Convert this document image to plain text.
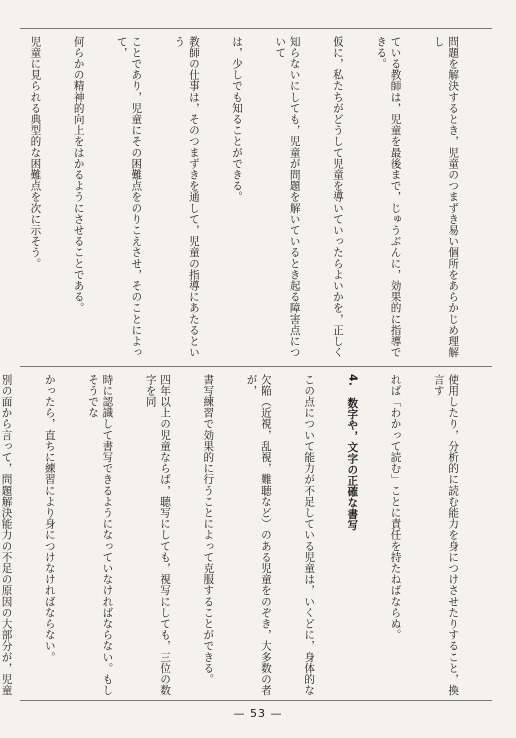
問題を解決するとき，児童のつまずき易い個所をあらかじめ理解し

ている教師は，児童を最後まで，じゅうぶんに，効果的に指導できる。

仮に，私たちがどうして児童を導いていったらよいかを，正しく

知らないにしても，児童が問題を解いているとき起る障害点について

は，少しでも知ることができる。

教師の仕事は，そのつまずきを通して，児童の指導にあたるという

ことであり，児童にその困難点をのりこえさせ，そのことによって，

何らかの精神的向上をはかるようにさせることである。

児童に見られる典型的な困難点を次に示そう。

使用したり，分析的に読む能力を身につけさせたりすること，換言す

れば「わかって読む」ことに責任を持たねばならぬ。

4.　数字や，文字の正確な書写

この点について能力が不足している児童は，いくどに，身体的な

欠陥（近視，乱視，難聴など）のある児童をのぞき，大多数の者が，

書写練習で効果的に行うことによって克服することができる。

四年以上の児童ならば，聴写にしても，視写にしても，三位の数字を同

時に認識して書写できるようになっていなければならない。もしそうでな

かったら，直ちに練習により身につけなければならない。

別の面から言って，問題解決能力の不足の原因の大部分が，児童

— 53 —
